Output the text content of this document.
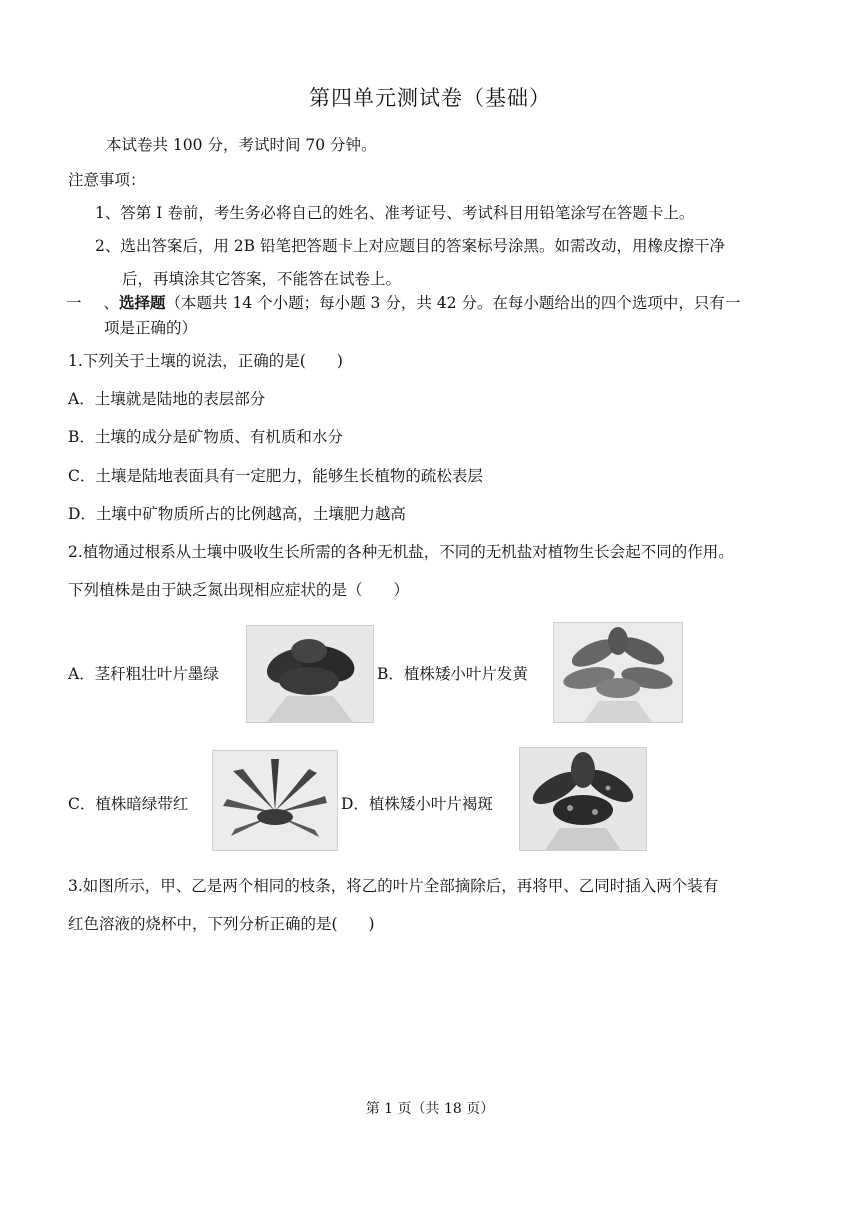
第四单元测试卷（基础）
本试卷共 100 分，考试时间 70 分钟。
注意事项：
1、答第 I 卷前，考生务必将自己的姓名、准考证号、考试科目用铅笔涂写在答题卡上。
2、选出答案后，用 2B 铅笔把答题卡上对应题目的答案标号涂黑。如需改动，用橡皮擦干净
后，再填涂其它答案，不能答在试卷上。
一 、选择题（本题共 14 个小题；每小题 3 分，共 42 分。在每小题给出的四个选项中，只有一
项是正确的）
1.下列关于土壤的说法，正确的是(　　)
A．土壤就是陆地的表层部分
B．土壤的成分是矿物质、有机质和水分
C．土壤是陆地表面具有一定肥力，能够生长植物的疏松表层
D．土壤中矿物质所占的比例越高，土壤肥力越高
2.植物通过根系从土壤中吸收生长所需的各种无机盐，不同的无机盐对植物生长会起不同的作用。
下列植株是由于缺乏氮出现相应症状的是（　　）
A．茎秆粗壮叶片墨绿	B．植株矮小叶片发黄
C．植株暗绿带红	D．植株矮小叶片褐斑
3.如图所示，甲、乙是两个相同的枝条，将乙的叶片全部摘除后，再将甲、乙同时插入两个装有
红色溶液的烧杯中，下列分析正确的是(　　)
第 1 页（共 18 页）
